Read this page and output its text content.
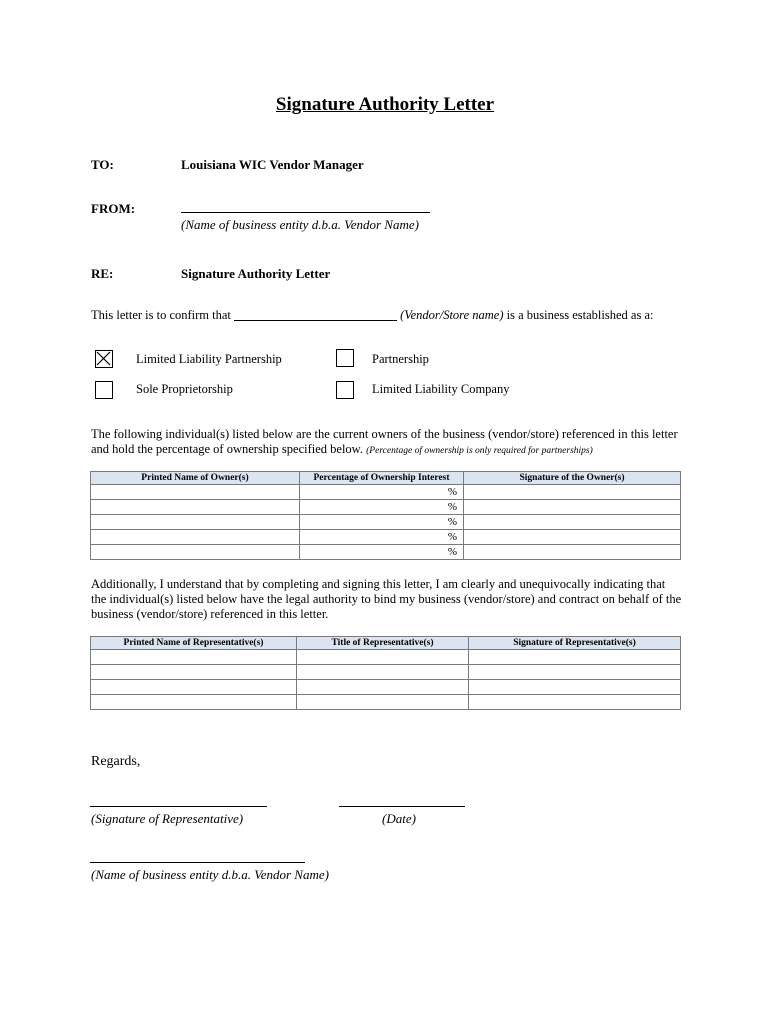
Signature Authority Letter
TO:	Louisiana WIC Vendor Manager
FROM:
(Name of business entity d.b.a. Vendor Name)
RE:	Signature Authority Letter
This letter is to confirm that	(Vendor/Store name) is a business established as a:
Limited Liability Partnership	Partnership
Sole Proprietorship	Limited Liability Company
The following individual(s) listed below are the current owners of the business (vendor/store) referenced in this letter
and hold the percentage of ownership specified below. (Percentage of ownership is only required for partnerships)
Printed Name of Owner(s)	Percentage of Ownership Interest	Signature of the Owner(s)
	%	
	%	
	%	
	%	
	%	
Additionally, I understand that by completing and signing this letter, I am clearly and unequivocally indicating that
the individual(s) listed below have the legal authority to bind my business (vendor/store) and contract on behalf of the
business (vendor/store) referenced in this letter.
Printed Name of Representative(s)	Title of Representative(s)	Signature of Representative(s)

Regards,
(Signature of Representative)	(Date)
(Name of business entity d.b.a. Vendor Name)
